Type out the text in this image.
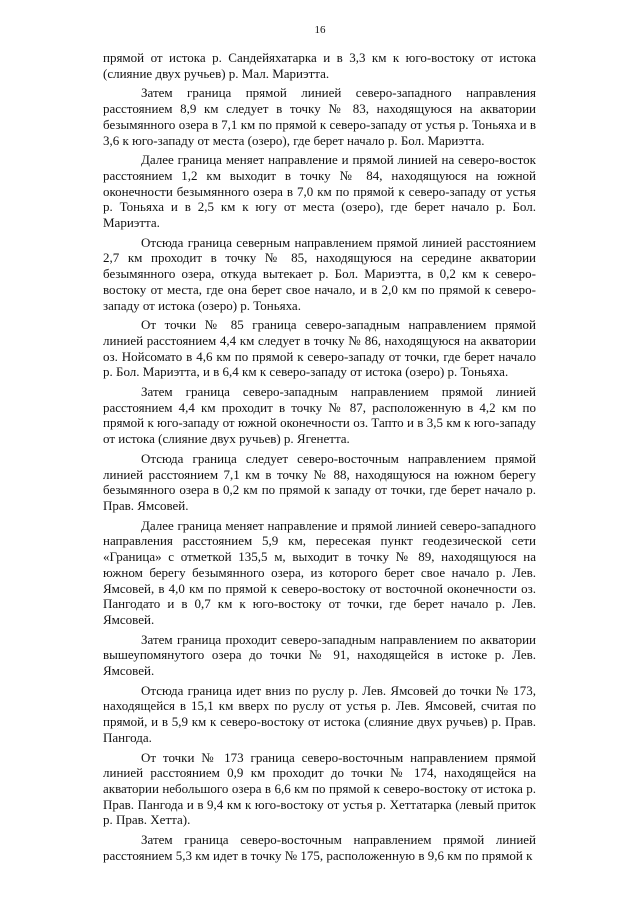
16

прямой от истока р. Сандейяхатарка и в 3,3 км к юго-востоку от истока (слияние двух ручьев) р. Мал. Мариэтта.

Затем граница прямой линией северо-западного направления расстоянием 8,9 км следует в точку № 83, находящуюся на акватории безымянного озера в 7,1 км по прямой к северо-западу от устья р. Тоньяха и в 3,6 к юго-западу от места (озеро), где берет начало р. Бол. Мариэтта.

Далее граница меняет направление и прямой линией на северо-восток расстоянием 1,2 км выходит в точку № 84, находящуюся на южной оконечности безымянного озера в 7,0 км по прямой к северо-западу от устья р. Тоньяха и в 2,5 км к югу от места (озеро), где берет начало р. Бол. Мариэтта.

Отсюда граница северным направлением прямой линией расстоянием 2,7 км проходит в точку № 85, находящуюся на середине акватории безымянного озера, откуда вытекает р. Бол. Мариэтта, в 0,2 км к северо-востоку от места, где она берет свое начало, и в 2,0 км по прямой к северо-западу от истока (озеро) р. Тоньяха.

От точки № 85 граница северо-западным направлением прямой линией расстоянием 4,4 км следует в точку № 86, находящуюся на акватории оз. Нойсомато в 4,6 км по прямой к северо-западу от точки, где берет начало р. Бол. Мариэтта, и в 6,4 км к северо-западу от истока (озеро) р. Тоньяха.

Затем граница северо-западным направлением прямой линией расстоянием 4,4 км проходит в точку № 87, расположенную в 4,2 км по прямой к юго-западу от южной оконечности оз. Тапто и в 3,5 км к юго-западу от истока (слияние двух ручьев) р. Ягенетта.

Отсюда граница следует северо-восточным направлением прямой линией расстоянием 7,1 км в точку № 88, находящуюся на южном берегу безымянного озера в 0,2 км по прямой к западу от точки, где берет начало р. Прав. Ямсовей.

Далее граница меняет направление и прямой линией северо-западного направления расстоянием 5,9 км, пересекая пункт геодезической сети «Граница» с отметкой 135,5 м, выходит в точку № 89, находящуюся на южном берегу безымянного озера, из которого берет свое начало р. Лев. Ямсовей, в 4,0 км по прямой к северо-востоку от восточной оконечности оз. Пангодато и в 0,7 км к юго-востоку от точки, где берет начало р. Лев. Ямсовей.

Затем граница проходит северо-западным направлением по акватории вышеупомянутого озера до точки № 91, находящейся в истоке р. Лев. Ямсовей.

Отсюда граница идет вниз по руслу р. Лев. Ямсовей до точки № 173, находящейся в 15,1 км вверх по руслу от устья р. Лев. Ямсовей, считая по прямой, и в 5,9 км к северо-востоку от истока (слияние двух ручьев) р. Прав. Пангода.

От точки № 173 граница северо-восточным направлением прямой линией расстоянием 0,9 км проходит до точки № 174, находящейся на акватории небольшого озера в 6,6 км по прямой к северо-востоку от истока р. Прав. Пангода и в 9,4 км к юго-востоку от устья р. Хеттатарка (левый приток р. Прав. Хетта).

Затем граница северо-восточным направлением прямой линией расстоянием 5,3 км идет в точку № 175, расположенную в 9,6 км по прямой к
